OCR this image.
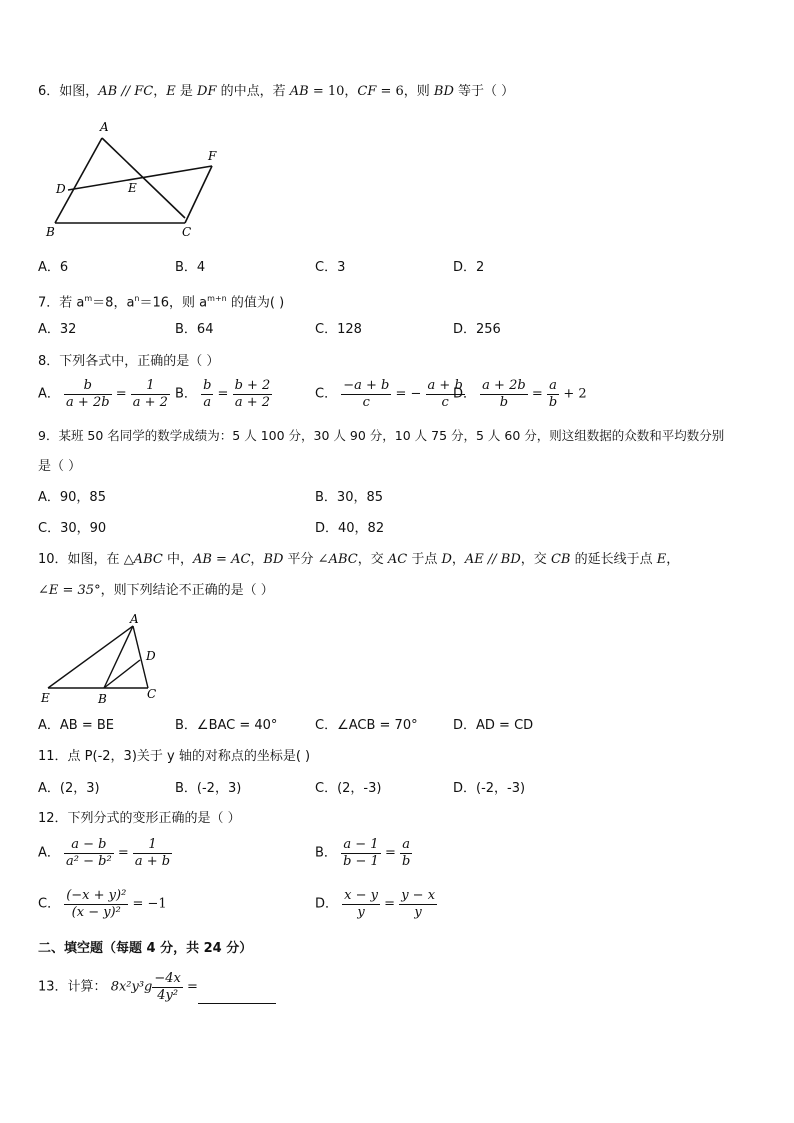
6．如图，AB // FC，E 是 DF 的中点，若 AB = 10，CF = 6，则 BD 等于（ ）
A
F
D	E
B	C
A．6	B．4	C．3	D．2
7．若 $a^m=8$，$a^n=16$，则 $a^{m+n}$ 的值为( )
A．32	B．64	C．128	D．256
8．下列各式中，正确的是（ ）
A． $\frac{b}{a + 2b} = \frac{1}{a + 2}$ B． $\frac{b}{a} = \frac{b + 2}{a + 2}$	C． $\frac{-a + b}{c}$ = − $\frac{a + b}{c}$
D． $\frac{a + 2b}{b} = \frac{a}{b} + 2$
9．某班 50 名同学的数学成绩为：5 人 100 分，30 人 90 分，10 人 75 分，5 人 60 分，则这组数据的众数和平均数分别
是（ ）
A．90，85	B．30，85
C．30，90	D．40，82
10．如图，在 △ABC 中，AB = AC，BD 平分 ∠ABC，交 AC 于点 D，AE // BD，交 CB 的延长线于点 E，
∠E = 35°，则下列结论不正确的是（ ）
A
D
E	B	C
A．AB = BE	B．∠BAC = 40°	C．∠ACB = 70°	D．AD = CD
11．点 P(-2，3)关于 y 轴的对称点的坐标是( )
A．(2，3)	B．(-2，3)	C．(2，-3)	D．(-2，-3)
12．下列分式的变形正确的是（ ）
A． $\frac{a - b}{\text{a² − b²}} = \frac{1}{a + b}$	B． $\frac{a - 1}{b - 1} = \frac{a}{b}$
C． $\frac{\text{(−x + y)²}}{\text{(x − y)²}} = -1$	D． $\frac{x - y}{y} = \frac{y - x}{y}$
二、填空题（每题 4 分，共 24 分）
13．计算： $8x^2y^3g \frac{-4x}{\text{4y²}}$ =
